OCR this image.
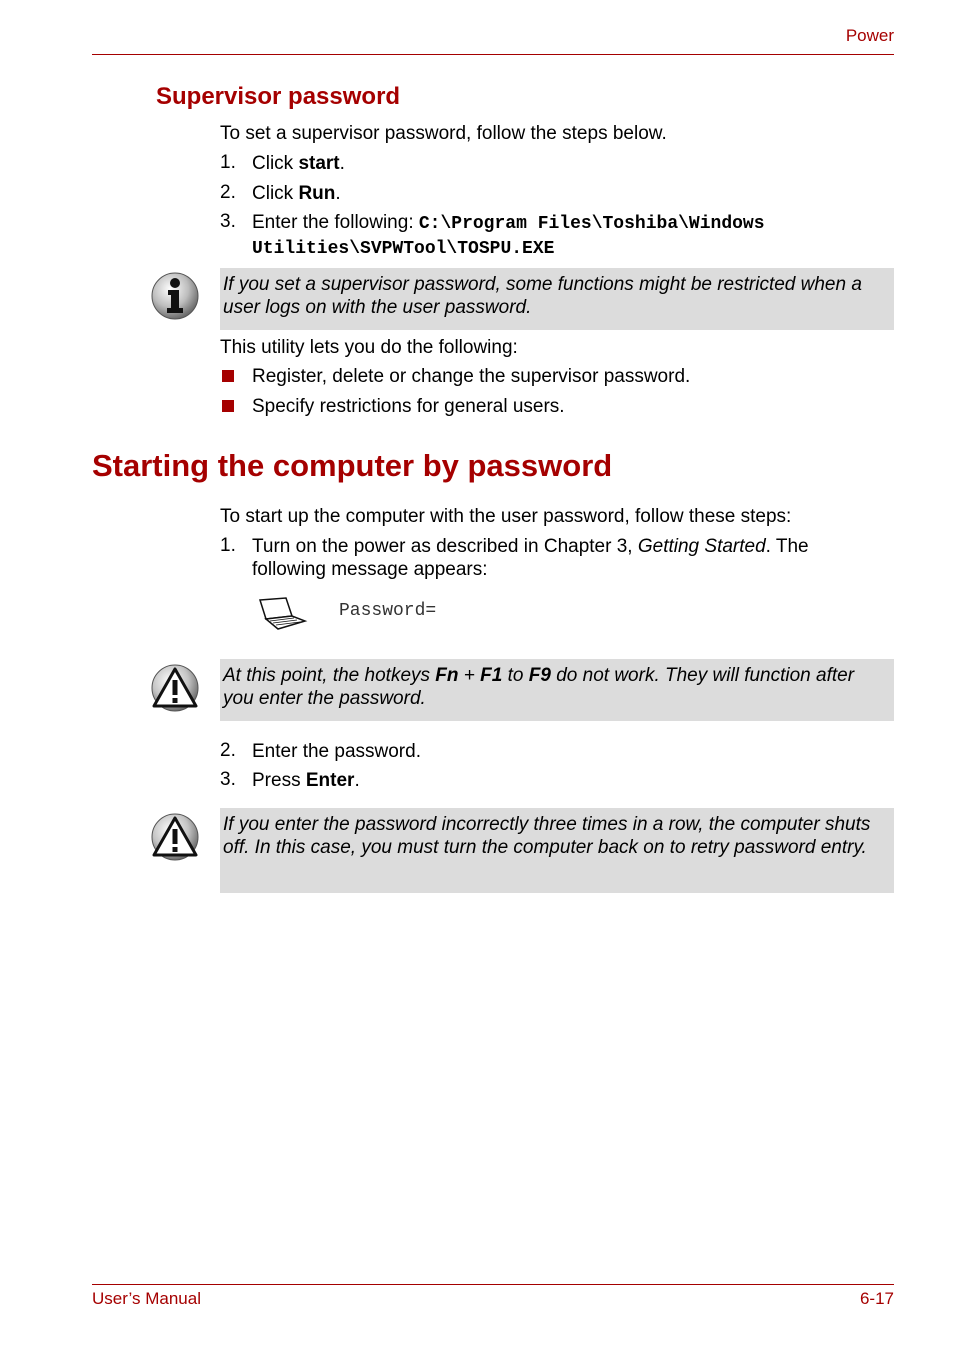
Power
Supervisor password
To set a supervisor password, follow the steps below.
1. Click start.
2. Click Run.
3. Enter the following: C:\Program Files\Toshiba\Windows
Utilities\SVPWTool\TOSPU.EXE
If you set a supervisor password, some functions might be restricted when a user logs on with the user password.
This utility lets you do the following:
Register, delete or change the supervisor password.
Specify restrictions for general users.
Starting the computer by password
To start up the computer with the user password, follow these steps:
1. Turn on the power as described in Chapter 3, Getting Started. The
following message appears:
Password=
At this point, the hotkeys Fn + F1 to F9 do not work. They will function after
you enter the password.
2. Enter the password.
3. Press Enter.
If you enter the password incorrectly three times in a row, the computer shuts off. In this case, you must turn the computer back on to retry password entry.
User’s Manual	6-17
